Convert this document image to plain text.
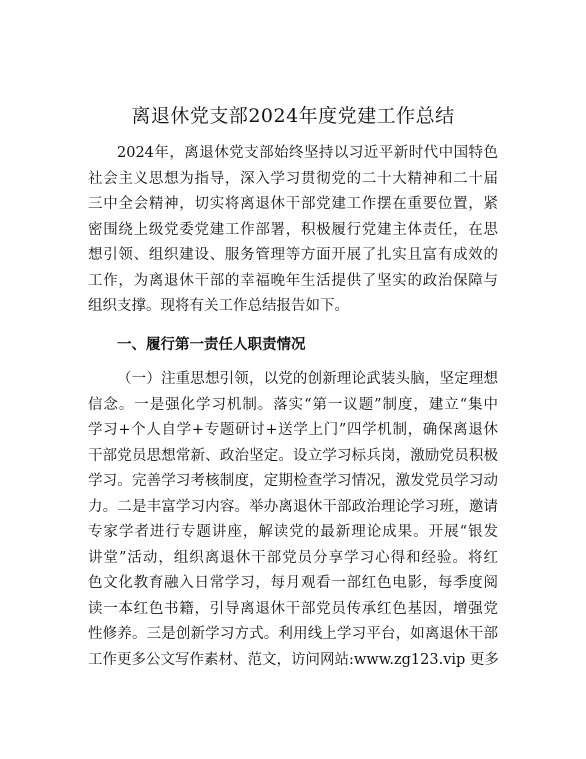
离退休党支部2024年度党建工作总结
2024年，离退休党支部始终坚持以习近平新时代中国特色
社会主义思想为指导，深入学习贯彻党的二十大精神和二十届
三中全会精神，切实将离退休干部党建工作摆在重要位置，紧
密围绕上级党委党建工作部署，积极履行党建主体责任，在思
想引领、组织建设、服务管理等方面开展了扎实且富有成效的
工作，为离退休干部的幸福晚年生活提供了坚实的政治保障与
组织支撑。现将有关工作总结报告如下。
一、履行第一责任人职责情况
（一）注重思想引领，以党的创新理论武装头脑，坚定理想
信念。一是强化学习机制。落实“第一议题”制度，建立“集中
学习+个人自学+专题研讨+送学上门”四学机制，确保离退休
干部党员思想常新、政治坚定。设立学习标兵岗，激励党员积极
学习。完善学习考核制度，定期检查学习情况，激发党员学习动
力。二是丰富学习内容。举办离退休干部政治理论学习班，邀请
专家学者进行专题讲座，解读党的最新理论成果。开展“银发
讲堂”活动，组织离退休干部党员分享学习心得和经验。将红
色文化教育融入日常学习，每月观看一部红色电影，每季度阅
读一本红色书籍，引导离退休干部党员传承红色基因，增强党
性修养。三是创新学习方式。利用线上学习平台，如离退休干部
工作更多公文写作素材、范文，访问网站:www.zg123.vip 更多
